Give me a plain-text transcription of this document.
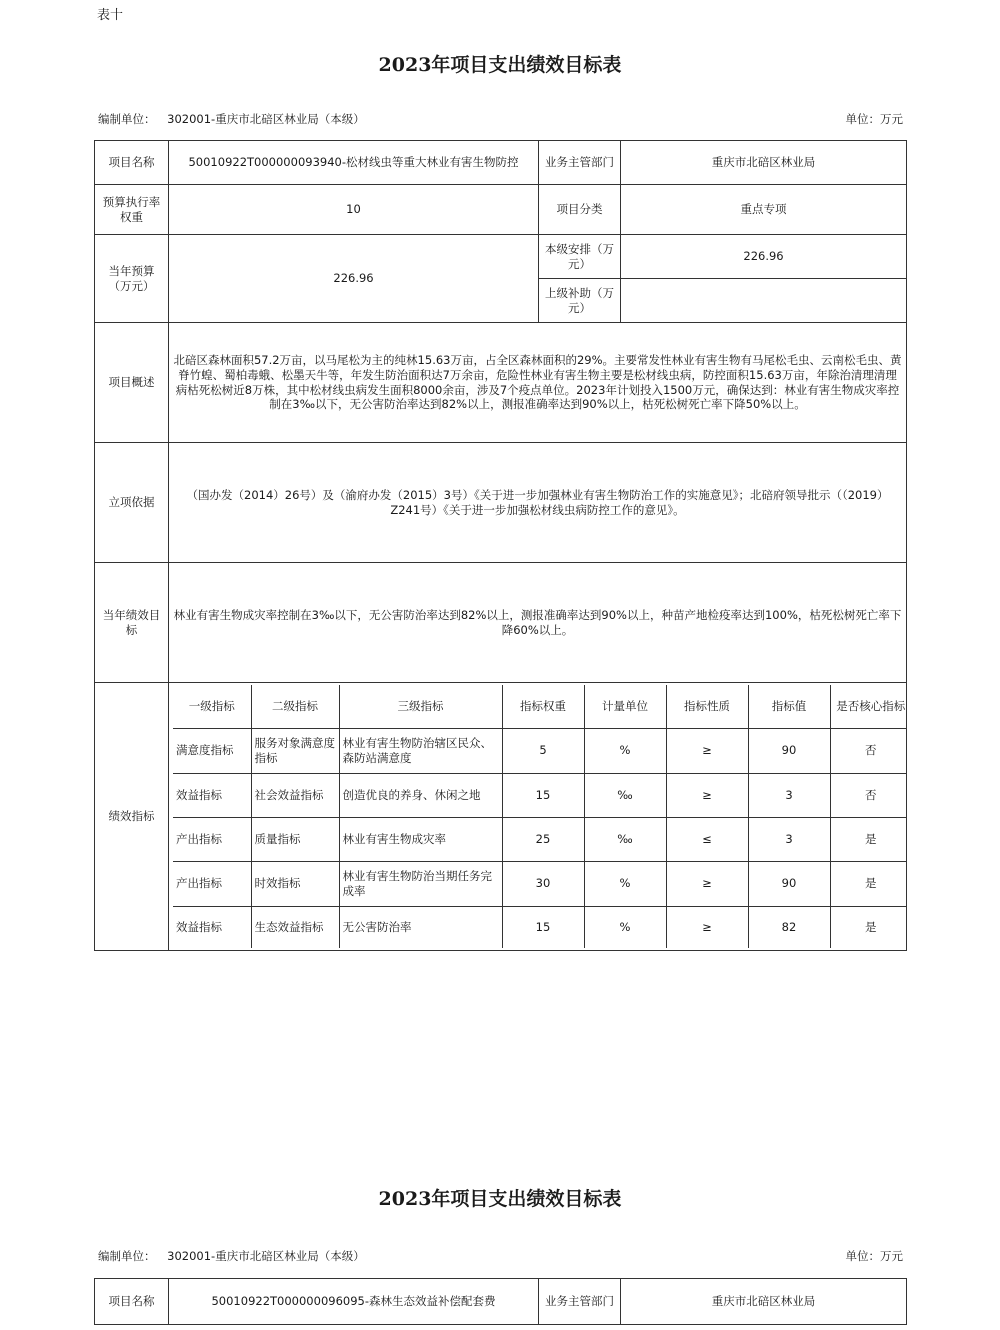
表十
2023年项目支出绩效目标表
编制单位： 302001-重庆市北碚区林业局（本级）	单位：万元
项目名称	50010922T000000093940-松材线虫等重大林业有害生物防控	业务主管部门	重庆市北碚区林业局
预算执行率权重	10	项目分类	重点专项
当年预算（万元）	226.96	本级安排（万元）	226.96
上级补助（万元）	
项目概述	北碚区森林面积57.2万亩，以马尾松为主的纯林15.63万亩，占全区森林面积的29%。主要常发性林业有害生物有马尾松毛虫、云南松毛虫、黄脊竹蝗、蜀柏毒蛾、松墨天牛等，年发生防治面积达7万余亩，危险性林业有害生物主要是松材线虫病，防控面积15.63万亩，年除治清理清理病枯死松树近8万株，其中松材线虫病发生面积8000余亩，涉及7个疫点单位。2023年计划投入1500万元，确保达到：林业有害生物成灾率控制在3‰以下，无公害防治率达到82%以上，测报准确率达到90%以上，枯死松树死亡率下降50%以上。
立项依据	（国办发（2014）26号）及（渝府办发（2015）3号）《关于进一步加强林业有害生物防治工作的实施意见》；北碚府领导批示（（2019）Z241号）《关于进一步加强松材线虫病防控工作的意见》。
当年绩效目标	林业有害生物成灾率控制在3‰以下，无公害防治率达到82%以上，测报准确率达到90%以上，种苗产地检疫率达到100%，枯死松树死亡率下降60%以上。
绩效指标	
一级指标	二级指标	三级指标	指标权重	计量单位	指标性质	指标值	是否核心指标
满意度指标	服务对象满意度指标	林业有害生物防治辖区民众、森防站满意度	5	%	≥	90	否
效益指标	社会效益指标	创造优良的养身、休闲之地	15	‰	≥	3	否
产出指标	质量指标	林业有害生物成灾率	25	‰	≤	3	是
产出指标	时效指标	林业有害生物防治当期任务完成率	30	%	≥	90	是
效益指标	生态效益指标	无公害防治率	15	%	≥	82	是
2023年项目支出绩效目标表
编制单位： 302001-重庆市北碚区林业局（本级）	单位：万元
项目名称	50010922T000000096095-森林生态效益补偿配套费	业务主管部门	重庆市北碚区林业局
